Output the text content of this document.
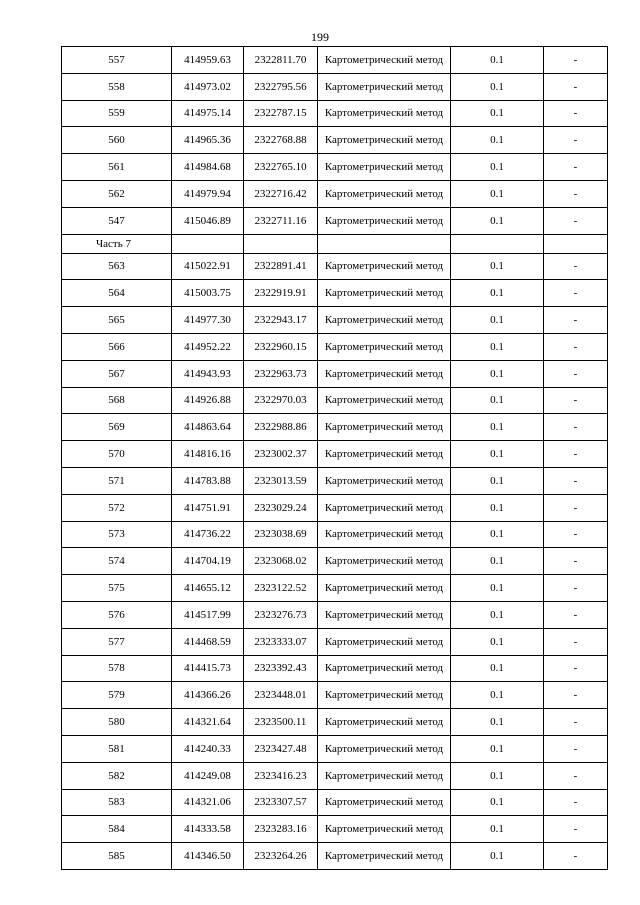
199
557	414959.63	2322811.70	Картометрический метод	0.1	-
558	414973.02	2322795.56	Картометрический метод	0.1	-
559	414975.14	2322787.15	Картометрический метод	0.1	-
560	414965.36	2322768.88	Картометрический метод	0.1	-
561	414984.68	2322765.10	Картометрический метод	0.1	-
562	414979.94	2322716.42	Картометрический метод	0.1	-
547	415046.89	2322711.16	Картометрический метод	0.1	-
Часть 7					
563	415022.91	2322891.41	Картометрический метод	0.1	-
564	415003.75	2322919.91	Картометрический метод	0.1	-
565	414977.30	2322943.17	Картометрический метод	0.1	-
566	414952.22	2322960.15	Картометрический метод	0.1	-
567	414943.93	2322963.73	Картометрический метод	0.1	-
568	414926.88	2322970.03	Картометрический метод	0.1	-
569	414863.64	2322988.86	Картометрический метод	0.1	-
570	414816.16	2323002.37	Картометрический метод	0.1	-
571	414783.88	2323013.59	Картометрический метод	0.1	-
572	414751.91	2323029.24	Картометрический метод	0.1	-
573	414736.22	2323038.69	Картометрический метод	0.1	-
574	414704.19	2323068.02	Картометрический метод	0.1	-
575	414655.12	2323122.52	Картометрический метод	0.1	-
576	414517.99	2323276.73	Картометрический метод	0.1	-
577	414468.59	2323333.07	Картометрический метод	0.1	-
578	414415.73	2323392.43	Картометрический метод	0.1	-
579	414366.26	2323448.01	Картометрический метод	0.1	-
580	414321.64	2323500.11	Картометрический метод	0.1	-
581	414240.33	2323427.48	Картометрический метод	0.1	-
582	414249.08	2323416.23	Картометрический метод	0.1	-
583	414321.06	2323307.57	Картометрический метод	0.1	-
584	414333.58	2323283.16	Картометрический метод	0.1	-
585	414346.50	2323264.26	Картометрический метод	0.1	-
